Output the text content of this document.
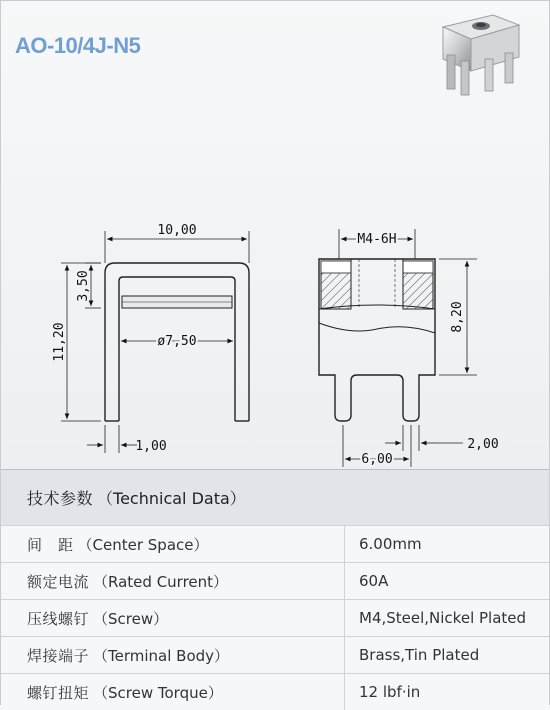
AO-10/4J-N5
10,00
3,50
11,20	ø7,50
1,00
M4-6H
8,20
6,00
2,00
技术参数 （Technical Data）	
间　距 （Center Space）	6.00mm
额定电流 （Rated Current）	60A
压线螺钉 （Screw）	M4,Steel,Nickel Plated
焊接端子 （Terminal Body）	Brass,Tin Plated
螺钉扭矩 （Screw Torque）	12 lbf·in
